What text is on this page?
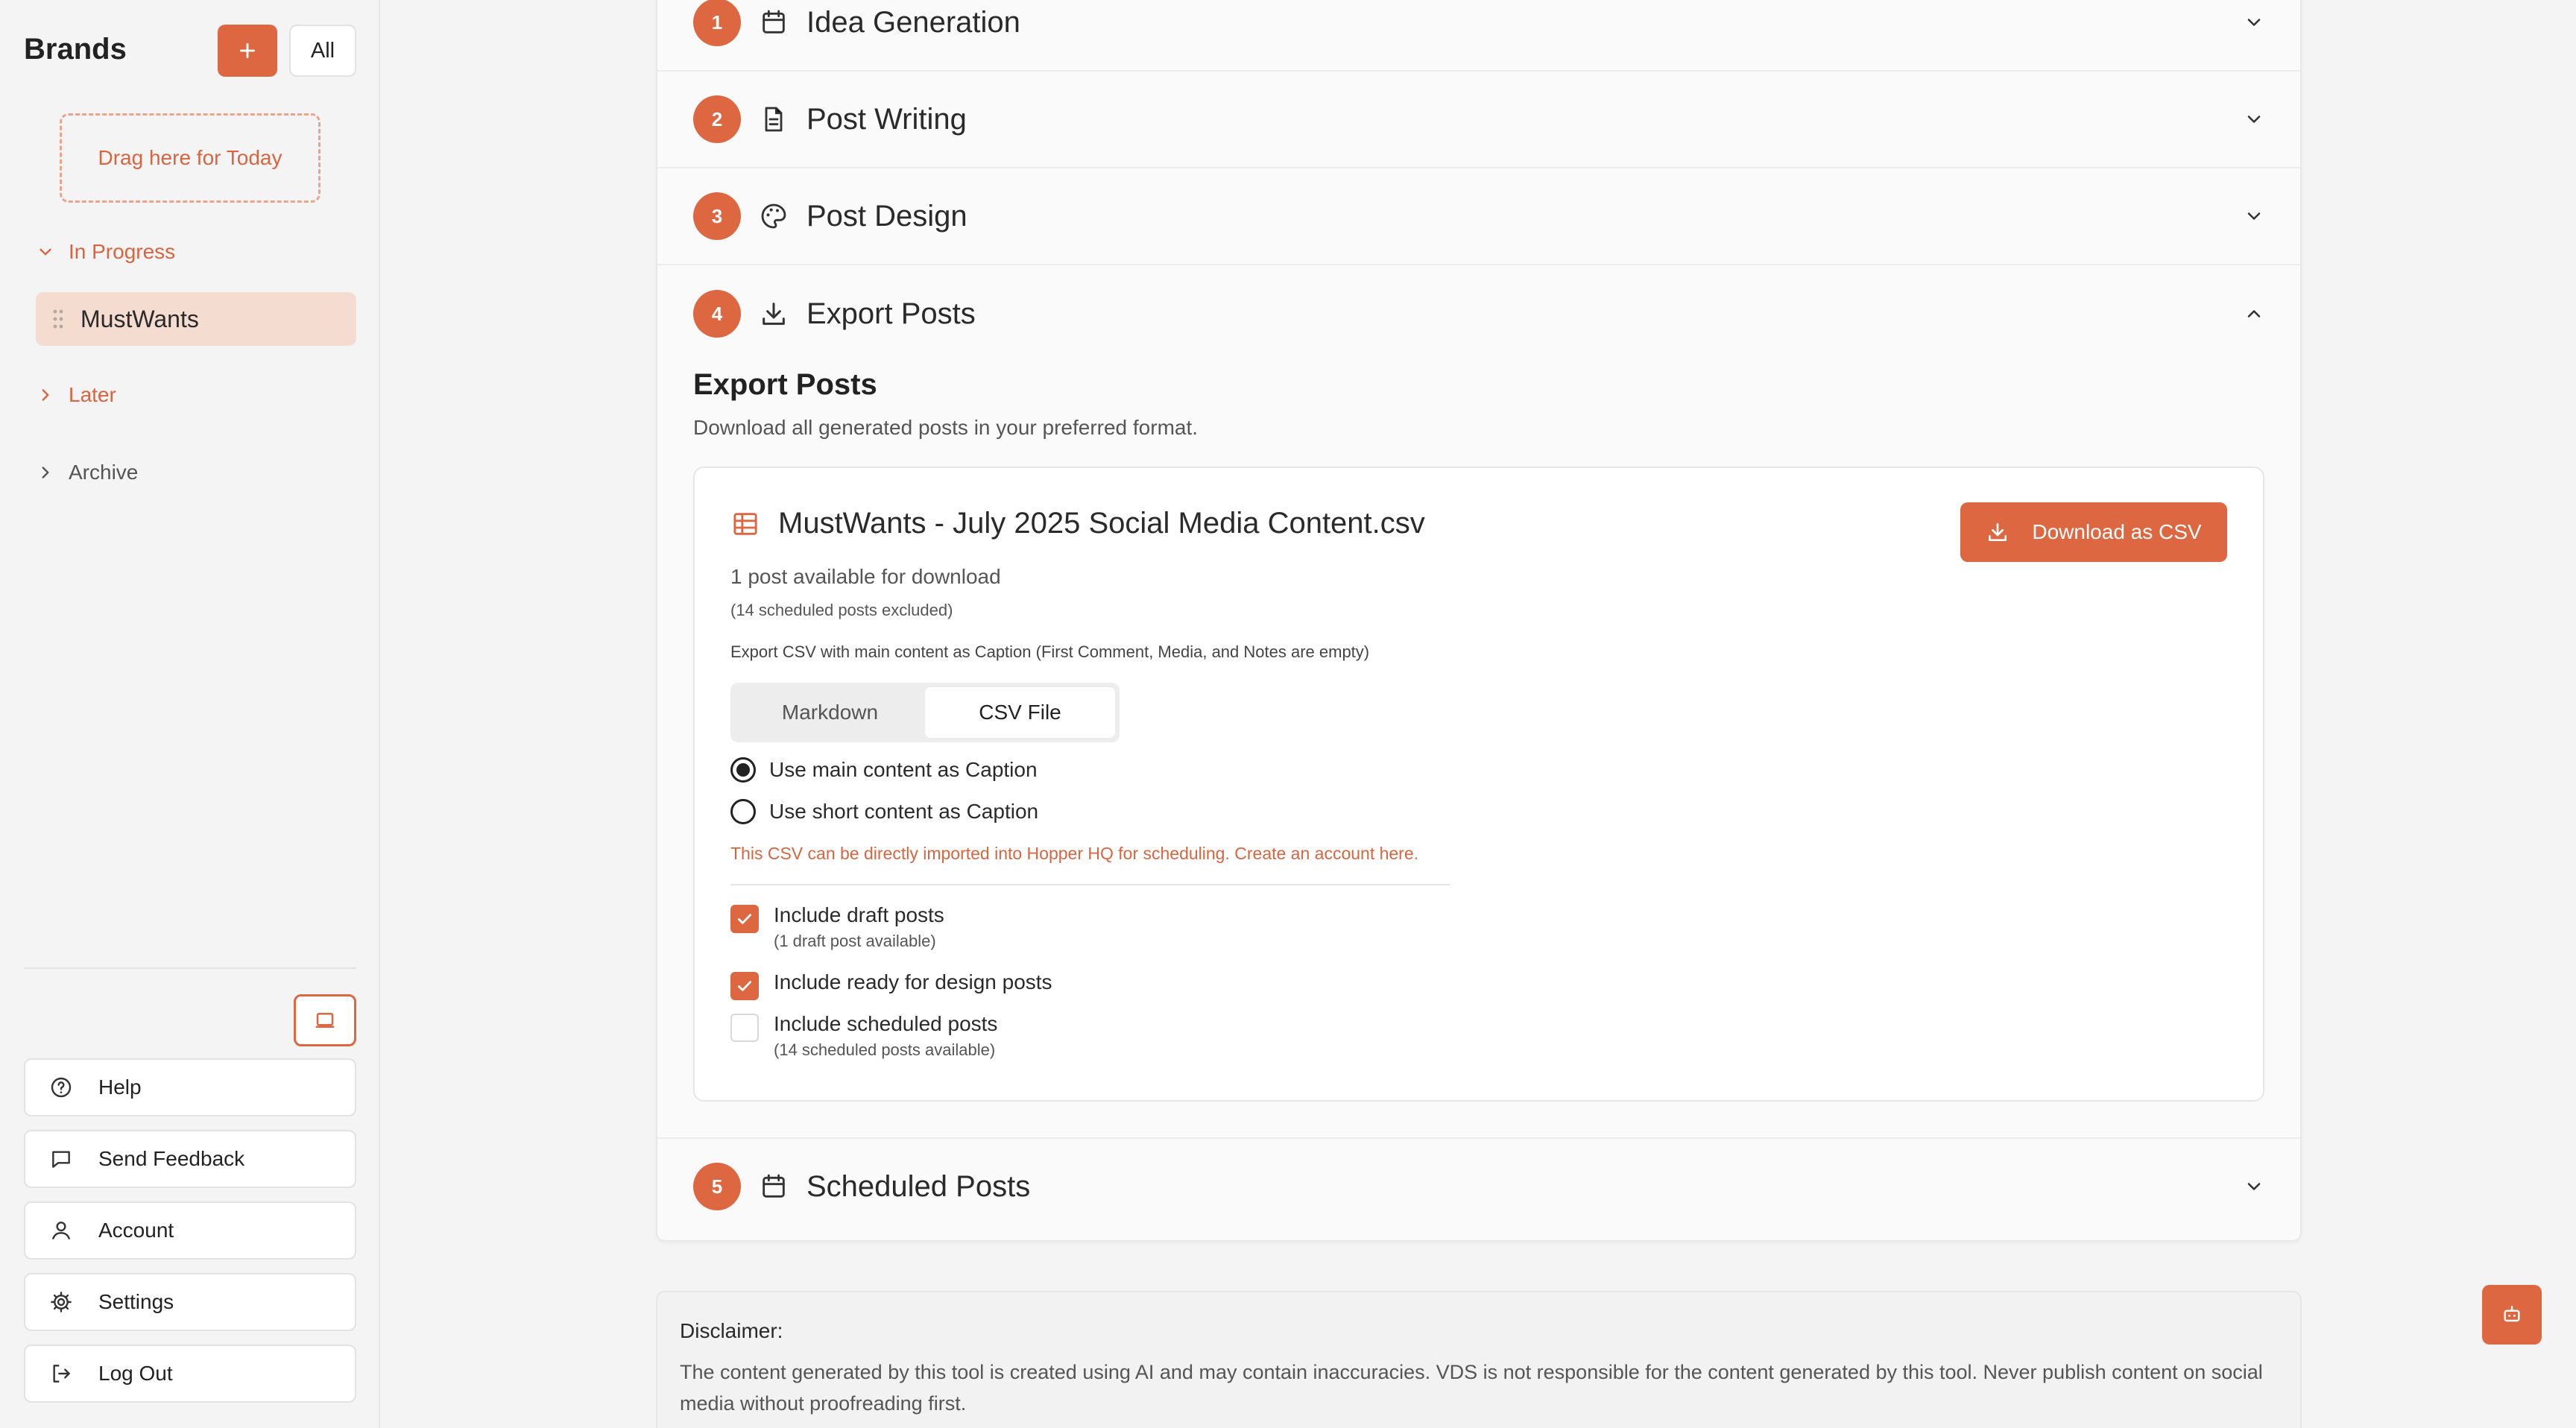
Brands	All
Drag here for Today
In Progress
MustWants
Later
Archive
Help
Send Feedback
Account
Settings
Log Out
1	Idea Generation
2	Post Writing
3	Post Design
4	Export Posts
Export Posts
Download all generated posts in your preferred format.
MustWants - July 2025 Social Media Content.csv	Download as CSV
1 post available for download
(14 scheduled posts excluded)
Export CSV with main content as Caption (First Comment, Media, and Notes are empty)
Markdown	CSV File
Use main content as Caption
Use short content as Caption
This CSV can be directly imported into Hopper HQ for scheduling. Create an account here.
Include draft posts
(1 draft post available)
Include ready for design posts
Include scheduled posts
(14 scheduled posts available)
5	Scheduled Posts
Disclaimer:
The content generated by this tool is created using AI and may contain inaccuracies. VDS is not responsible for the content generated by this tool. Never publish content on social media without proofreading first.
